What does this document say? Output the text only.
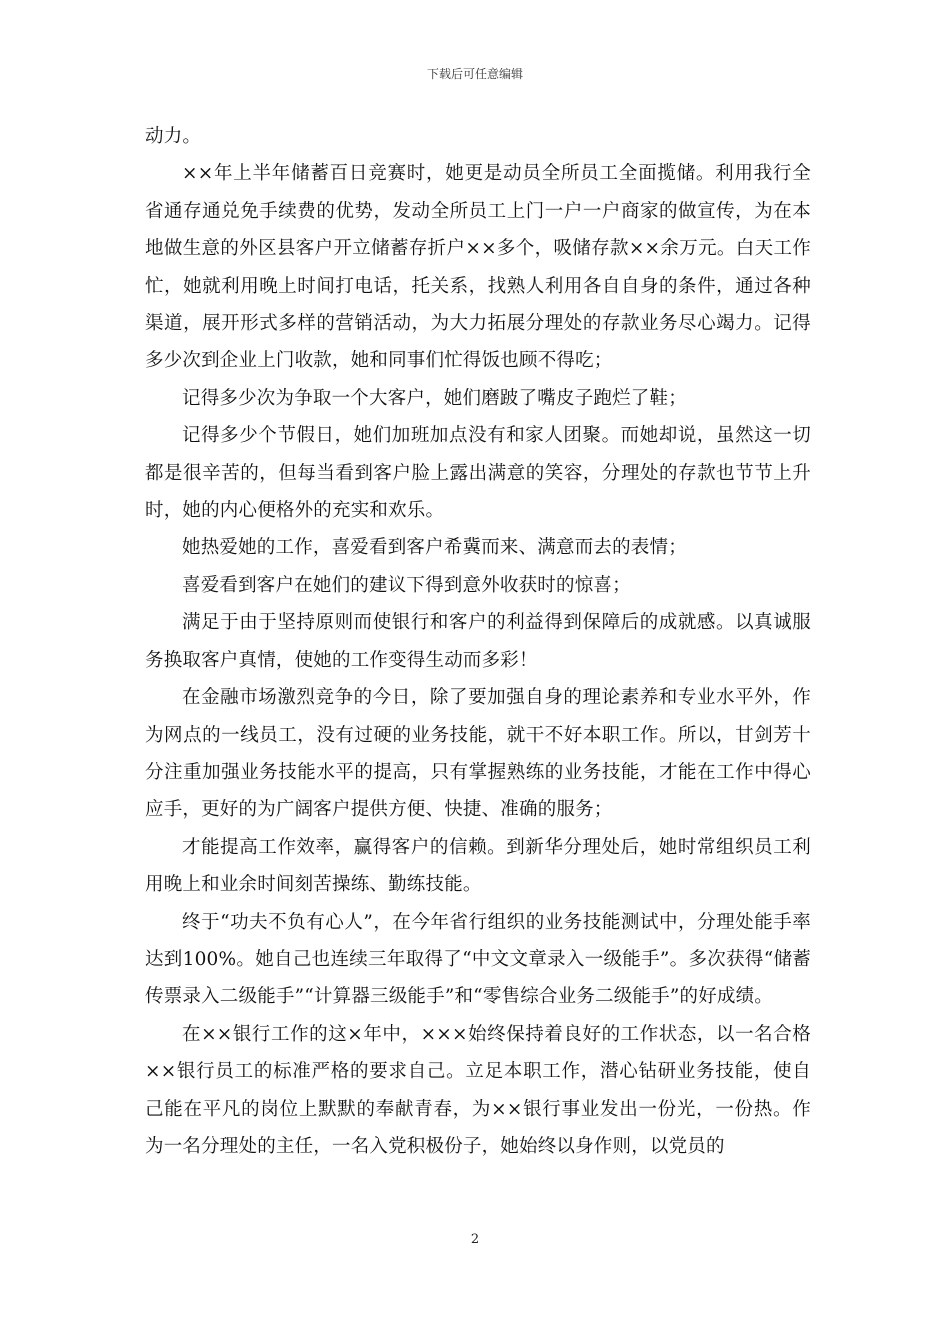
下载后可任意编辑

动力。

××年上半年储蓄百日竞赛时，她更是动员全所员工全面揽储。利用我行全省通存通兑免手续费的优势，发动全所员工上门一户一户商家的做宣传，为在本地做生意的外区县客户开立储蓄存折户××多个，吸储存款××余万元。白天工作忙，她就利用晚上时间打电话，托关系，找熟人利用各自自身的条件，通过各种渠道，展开形式多样的营销活动，为大力拓展分理处的存款业务尽心竭力。记得多少次到企业上门收款，她和同事们忙得饭也顾不得吃；

记得多少次为争取一个大客户，她们磨跛了嘴皮子跑烂了鞋；

记得多少个节假日，她们加班加点没有和家人团聚。而她却说，虽然这一切都是很辛苦的，但每当看到客户脸上露出满意的笑容，分理处的存款也节节上升时，她的内心便格外的充实和欢乐。

她热爱她的工作，喜爱看到客户希冀而来、满意而去的表情；

喜爱看到客户在她们的建议下得到意外收获时的惊喜；

满足于由于坚持原则而使银行和客户的利益得到保障后的成就感。以真诚服务换取客户真情，使她的工作变得生动而多彩！

在金融市场激烈竞争的今日，除了要加强自身的理论素养和专业水平外，作为网点的一线员工，没有过硬的业务技能，就干不好本职工作。所以，甘剑芳十分注重加强业务技能水平的提高，只有掌握熟练的业务技能，才能在工作中得心应手，更好的为广阔客户提供方便、快捷、准确的服务；

才能提高工作效率，赢得客户的信赖。到新华分理处后，她时常组织员工利用晚上和业余时间刻苦操练、勤练技能。

终于“功夫不负有心人”，在今年省行组织的业务技能测试中，分理处能手率达到100%。她自己也连续三年取得了“中文文章录入一级能手”。多次获得“储蓄传票录入二级能手”“计算器三级能手”和“零售综合业务二级能手”的好成绩。

在××银行工作的这×年中，×××始终保持着良好的工作状态，以一名合格××银行员工的标准严格的要求自己。立足本职工作，潜心钻研业务技能，使自己能在平凡的岗位上默默的奉献青春，为××银行事业发出一份光，一份热。作为一名分理处的主任，一名入党积极份子，她始终以身作则，以党员的

2
